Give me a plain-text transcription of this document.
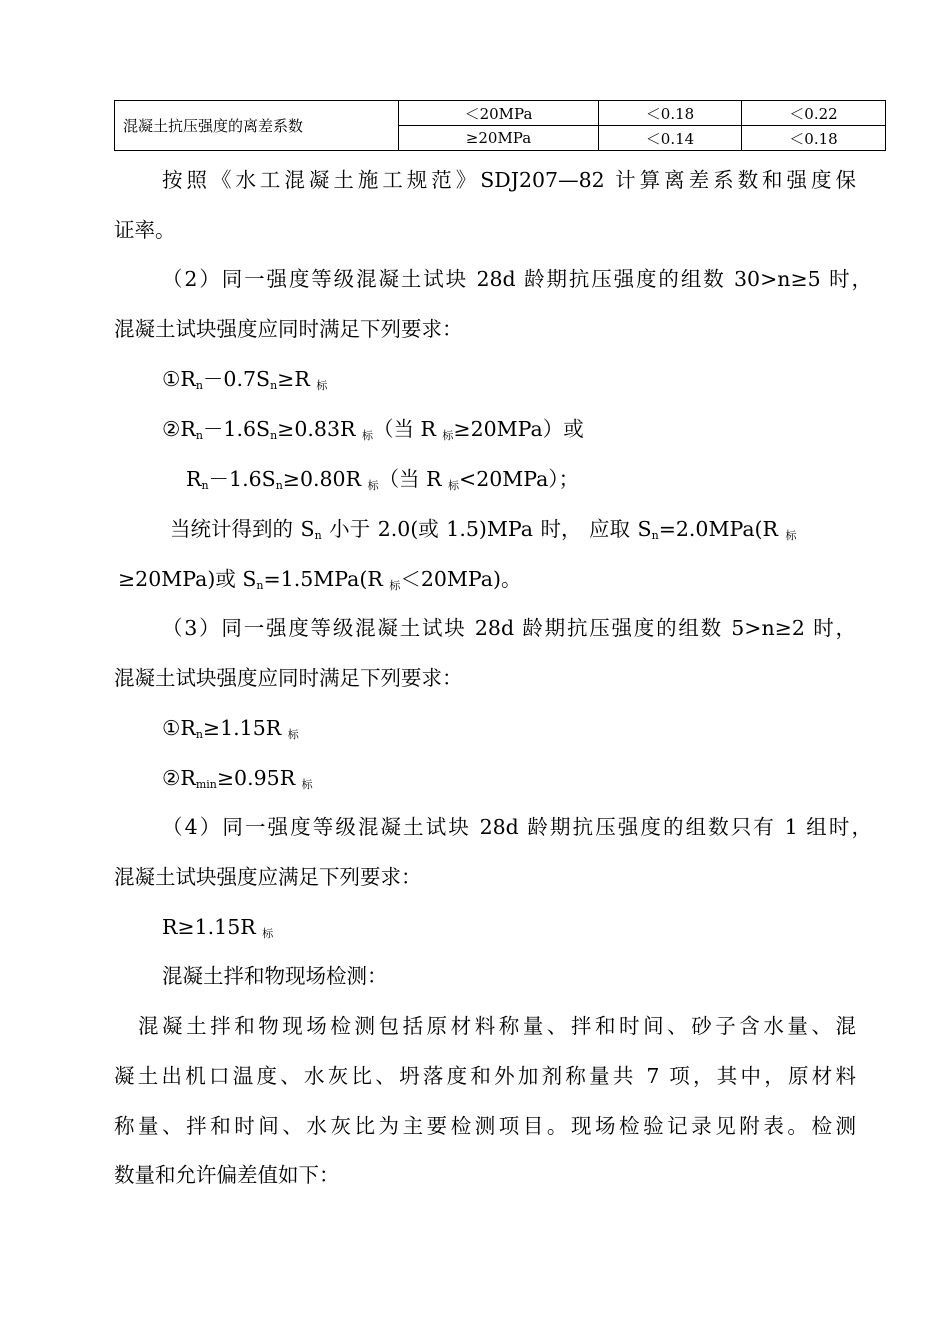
混凝土抗压强度的离差系数	＜20MPa	＜0.18	＜0.22
	≥20MPa	＜0.14	＜0.18
按照《水工混凝土施工规范》SDJ207—82 计算离差系数和强度保
证率。
（2）同一强度等级混凝土试块 28d 龄期抗压强度的组数 30>n≥5 时，
混凝土试块强度应同时满足下列要求：
$①R_n-0.7S_n\ge R$ $_标$
$②R_n-1.6S_n\ge 0.83R$ $_标$（当 R $_标$≥20MPa）或
$R_n-1.6S_n\ge 0.80R$ $_标$（当 R $_标$<20MPa）；
当统计得到的 $S_n$ 小于 2.0(或 1.5)MPa 时， 应取 $S_n=2.0MPa(R$ $_标$
≥20MPa)或 $S_n=1.5MPa(R$ $_标$＜20MPa)。
（3）同一强度等级混凝土试块 28d 龄期抗压强度的组数 5>n≥2 时，
混凝土试块强度应同时满足下列要求：
$①R_n\ge 1.15R$ $_标$
$②R_{min}\ge 0.95R$ $_标$
（4）同一强度等级混凝土试块 28d 龄期抗压强度的组数只有 1 组时，
混凝土试块强度应满足下列要求：
R≥1.15R $_标$
混凝土拌和物现场检测：
混凝土拌和物现场检测包括原材料称量、拌和时间、砂子含水量、混
凝土出机口温度、水灰比、坍落度和外加剂称量共 7 项，其中，原材料
称量、拌和时间、水灰比为主要检测项目。现场检验记录见附表。检测
数量和允许偏差值如下：
